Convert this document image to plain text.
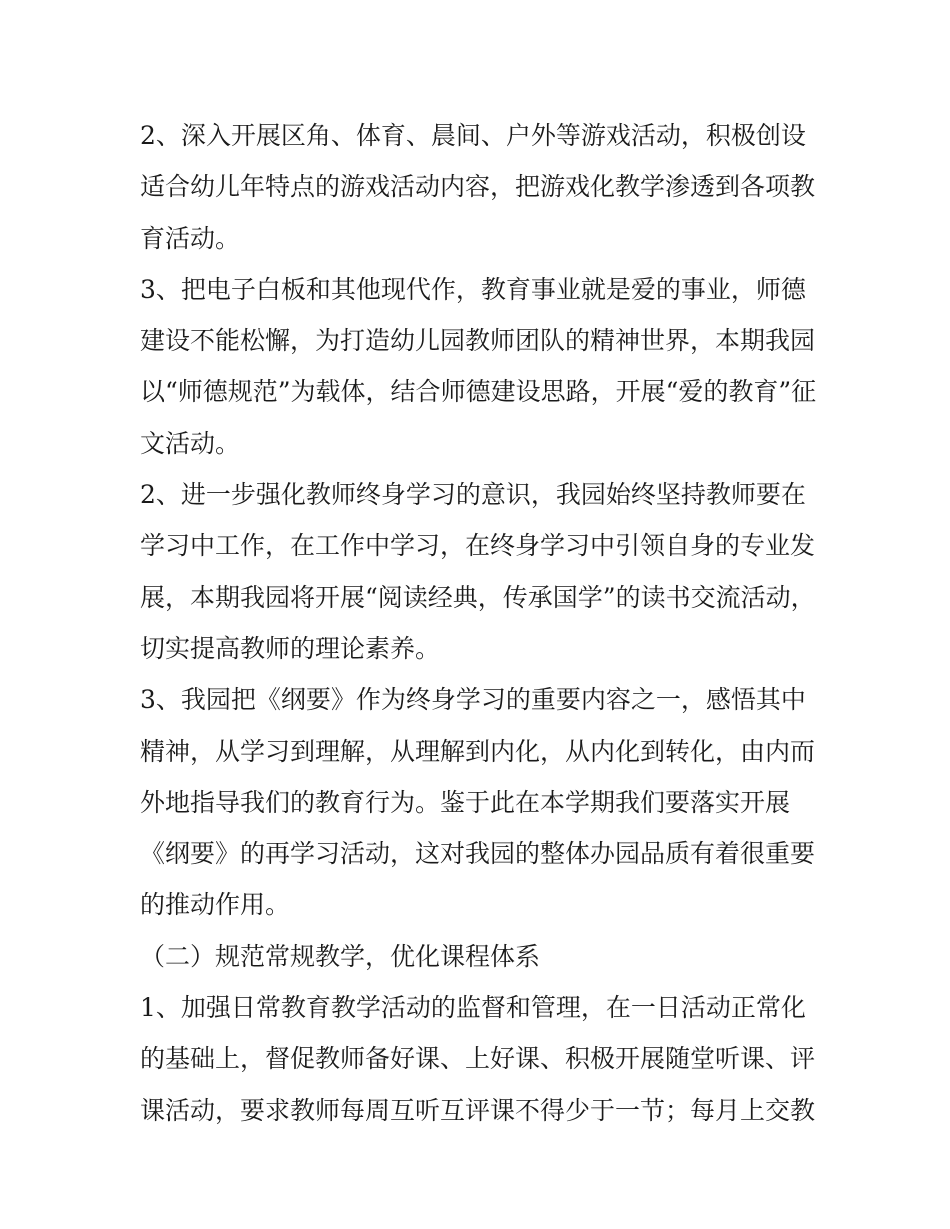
2、深入开展区角、体育、晨间、户外等游戏活动，积极创设
适合幼儿年特点的游戏活动内容，把游戏化教学渗透到各项教
育活动。
3、把电子白板和其他现代作，教育事业就是爱的事业，师德
建设不能松懈，为打造幼儿园教师团队的精神世界，本期我园
以“师德规范”为载体，结合师德建设思路，开展“爱的教育”征
文活动。
2、进一步强化教师终身学习的意识，我园始终坚持教师要在
学习中工作，在工作中学习，在终身学习中引领自身的专业发
展，本期我园将开展“阅读经典，传承国学”的读书交流活动，
切实提高教师的理论素养。
3、我园把《纲要》作为终身学习的重要内容之一，感悟其中
精神，从学习到理解，从理解到内化，从内化到转化，由内而
外地指导我们的教育行为。鉴于此在本学期我们要落实开展
《纲要》的再学习活动，这对我园的整体办园品质有着很重要
的推动作用。
（二）规范常规教学，优化课程体系
1、加强日常教育教学活动的监督和管理，在一日活动正常化
的基础上，督促教师备好课、上好课、积极开展随堂听课、评
课活动，要求教师每周互听互评课不得少于一节；每月上交教
